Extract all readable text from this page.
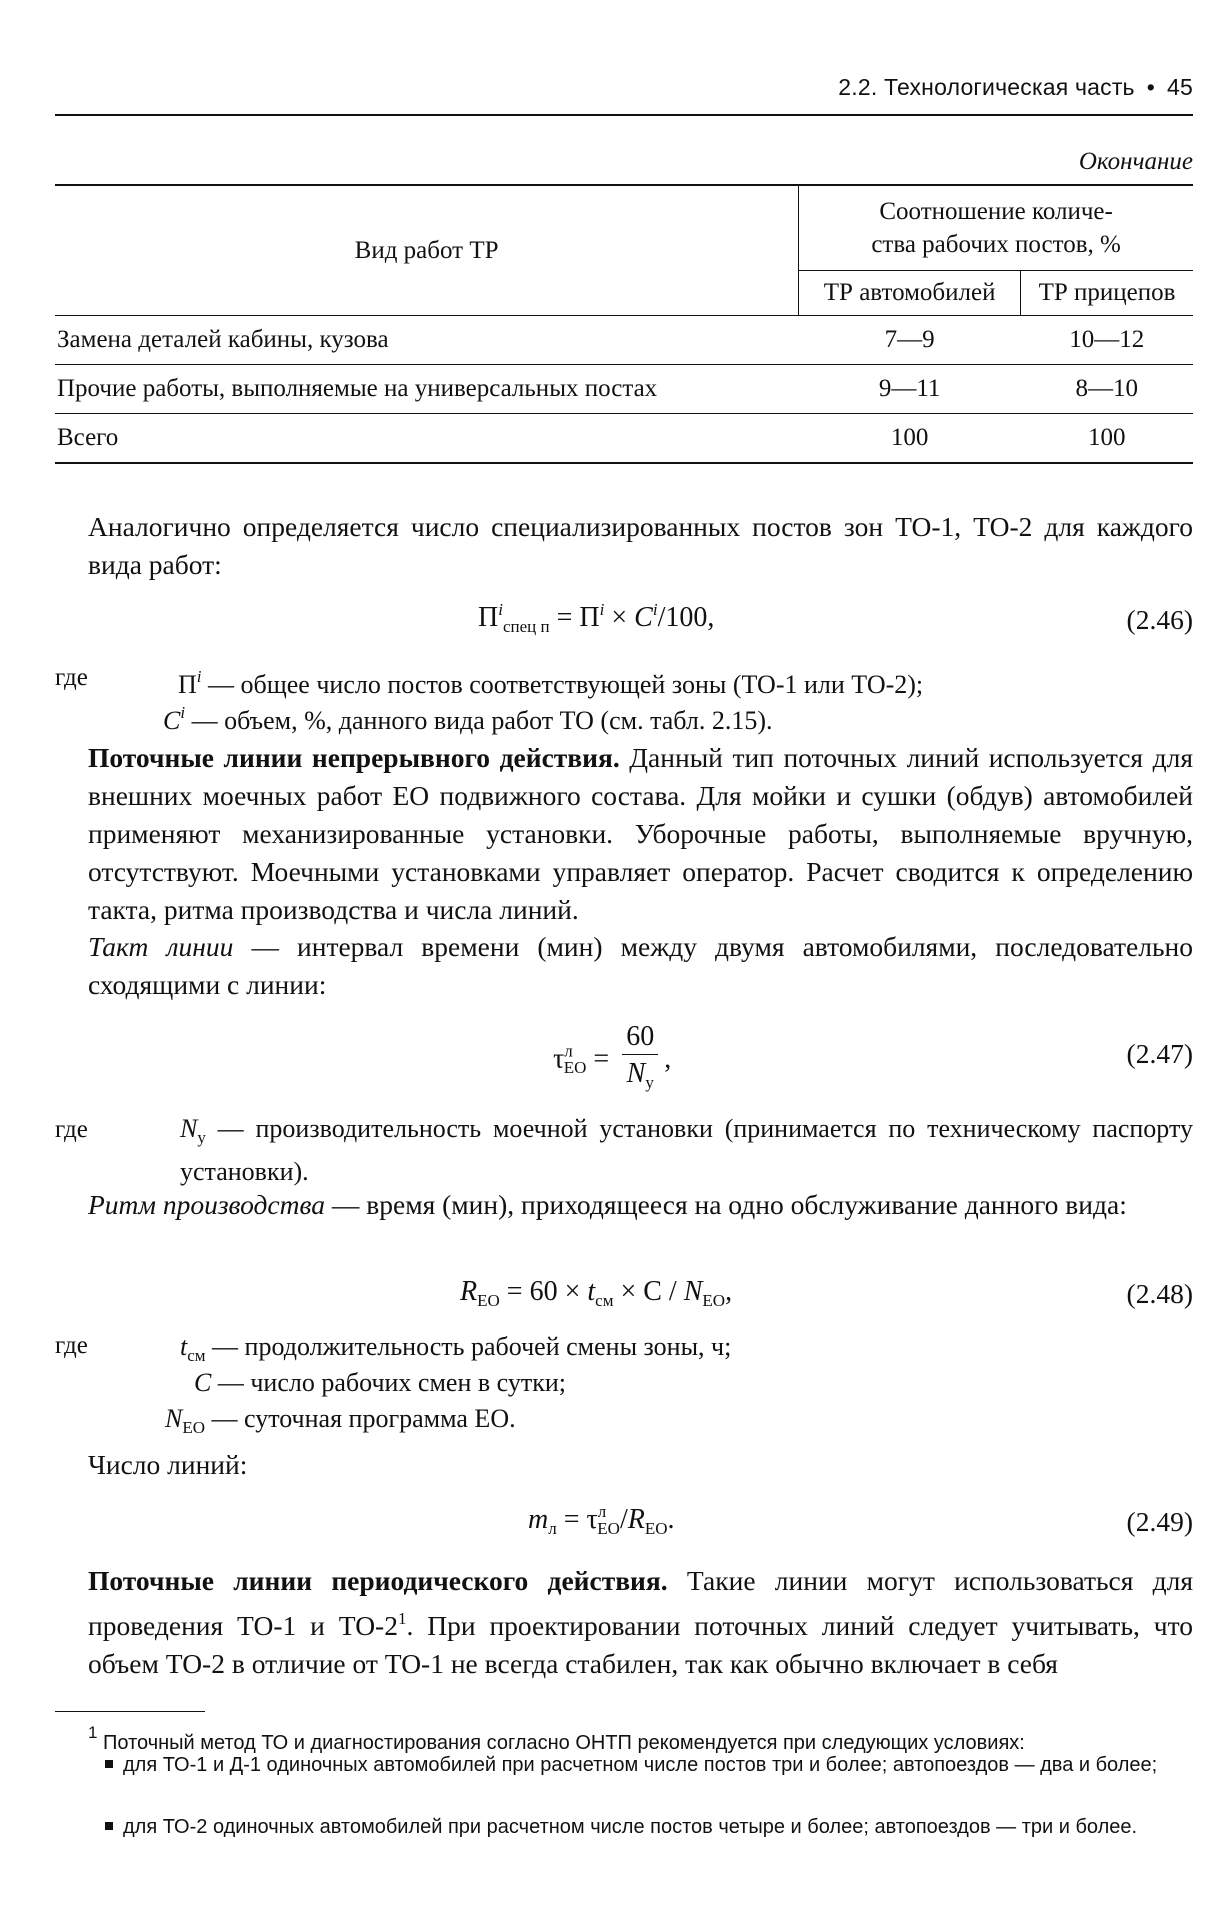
2.2. Технологическая часть • 45
Окончание
Вид работ ТР	Соотношение количе-
ства рабочих постов, %	
	ТР автомобилей	ТР прицепов
Замена деталей кабины, кузова	7—9	10—12
Прочие работы, выполняемые на универсальных постах	9—11	8—10
Всего	100	100
Аналогично определяется число специализированных постов зон ТО-1, ТО-2 для каждого вида работ:
$П^i_{спец п} = П^i \times C^i/100$,	(2.46)
где	$П^i$ — общее число постов соответствующей зоны (ТО-1 или ТО-2);
$C^i$ — объем, %, данного вида работ ТО (см. табл. 2.15).
Поточные линии непрерывного действия. Данный тип поточных линий используется для внешних моечных работ ЕО подвижного состава. Для мойки и сушки (обдув) автомобилей применяют механизированные установки. Уборочные работы, выполняемые вручную, отсутствуют. Моечными установками управляет оператор. Расчет сводится к определению такта, ритма производства и числа линий.
Такт линии — интервал времени (мин) между двумя автомобилями, последовательно сходящими с линии:
$\tau^л_{ЕО} = \frac{60}{N_у}$ ,	(2.47)
где	$N_у$ — производительность моечной установки (принимается по техническому паспорту установки).
Ритм производства — время (мин), приходящееся на одно обслуживание данного вида:
$R_{ЕО} = 60 \times t_{см} \times C / N_{ЕО}$,	(2.48)
где	$t_{см}$ — продолжительность рабочей смены зоны, ч;
C — число рабочих смен в сутки;
$N_{ЕО}$ — суточная программа ЕО.
Число линий:
$m_л = \tau^л_{ЕО}/R_{ЕО}$.	(2.49)
Поточные линии периодического действия. Такие линии могут использоваться для проведения ТО-1 и $ТО-2^1$. При проектировании поточных линий следует учитывать, что объем ТО-2 в отличие от ТО-1 не всегда стабилен, так как обычно включает в себя
$^1$ Поточный метод ТО и диагностирования согласно ОНТП рекомендуется при следующих условиях:
для ТО-1 и Д-1 одиночных автомобилей при расчетном числе постов три и более; автопоездов — два и более;
для ТО-2 одиночных автомобилей при расчетном числе постов четыре и более; автопоездов — три и более.
